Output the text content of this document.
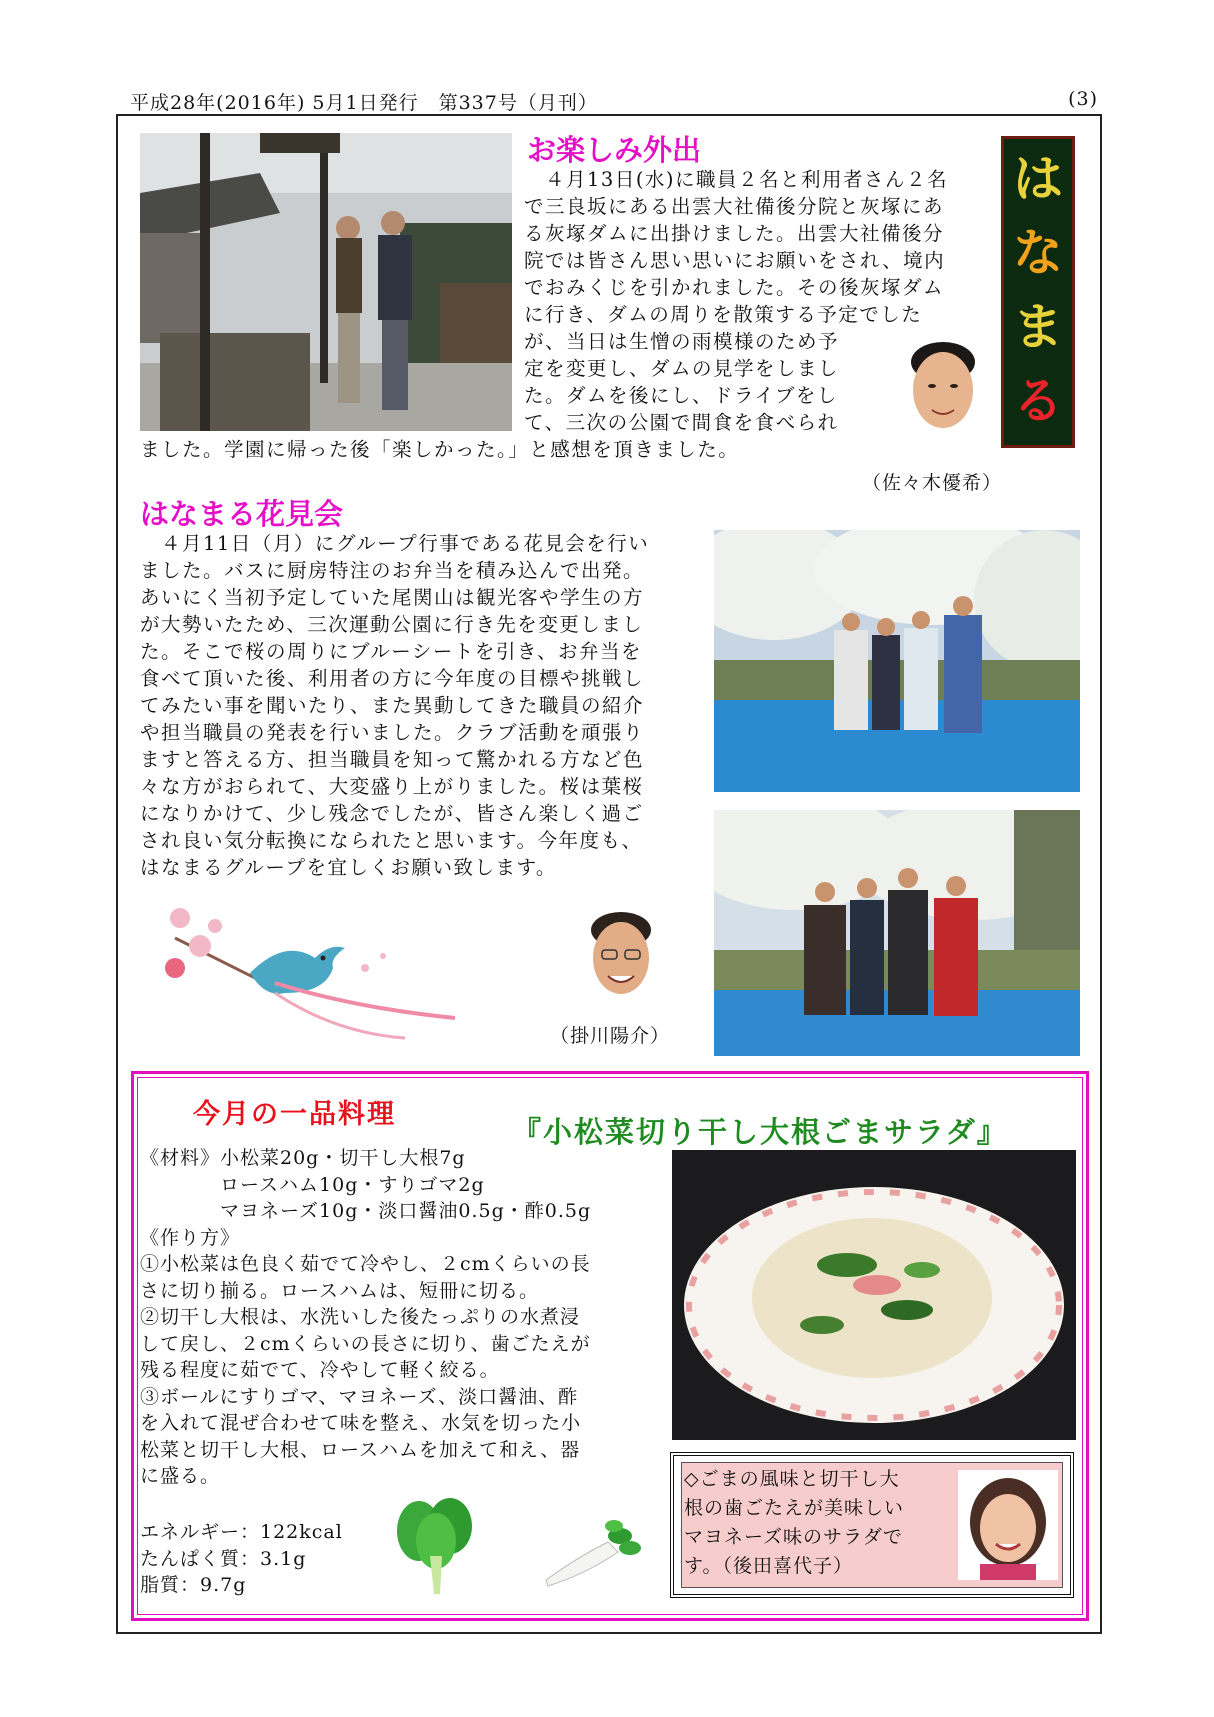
平成28年(2016年) 5月1日発行　第337号（月刊）	(3)
お楽しみ外出
　４月13日(水)に職員２名と利用者さん２名
で三良坂にある出雲大社備後分院と灰塚にあ
る灰塚ダムに出掛けました。出雲大社備後分
院では皆さん思い思いにお願いをされ、境内
でおみくじを引かれました。その後灰塚ダム
に行き、ダムの周りを散策する予定でした
が、当日は生憎の雨模様のため予
定を変更し、ダムの見学をしまし
た。ダムを後にし、ドライブをし
て、三次の公園で間食を食べられ
ました。学園に帰った後「楽しかった。」と感想を頂きました。
（佐々木優希）
は
な
ま
る
はなまる花見会
　４月11日（月）にグループ行事である花見会を行い
ました。バスに厨房特注のお弁当を積み込んで出発。
あいにく当初予定していた尾関山は観光客や学生の方
が大勢いたため、三次運動公園に行き先を変更しまし
た。そこで桜の周りにブルーシートを引き、お弁当を
食べて頂いた後、利用者の方に今年度の目標や挑戦し
てみたい事を聞いたり、また異動してきた職員の紹介
や担当職員の発表を行いました。クラブ活動を頑張り
ますと答える方、担当職員を知って驚かれる方など色
々な方がおられて、大変盛り上がりました。桜は葉桜
になりかけて、少し残念でしたが、皆さん楽しく過ご
され良い気分転換になられたと思います。今年度も、
はなまるグループを宜しくお願い致します。
（掛川陽介）
今月の一品料理
『小松菜切り干し大根ごまサラダ』
《材料》小松菜20g・切干し大根7g
　　　　ロースハム10g・すりゴマ2g
　　　　マヨネーズ10g・淡口醤油0.5g・酢0.5g
《作り方》
①小松菜は色良く茹でて冷やし、２cmくらいの長
さに切り揃る。ロースハムは、短冊に切る。
②切干し大根は、水洗いした後たっぷりの水煮浸
して戻し、２cmくらいの長さに切り、歯ごたえが
残る程度に茹でて、冷やして軽く絞る。
③ボールにすりゴマ、マヨネーズ、淡口醤油、酢
を入れて混ぜ合わせて味を整え、水気を切った小
松菜と切干し大根、ロースハムを加えて和え、器
に盛る。
エネルギー：122kcal
たんぱく質：3.1g
脂質：9.7g
◇ごまの風味と切干し大
根の歯ごたえが美味しい
マヨネーズ味のサラダで
す。（後田喜代子）
